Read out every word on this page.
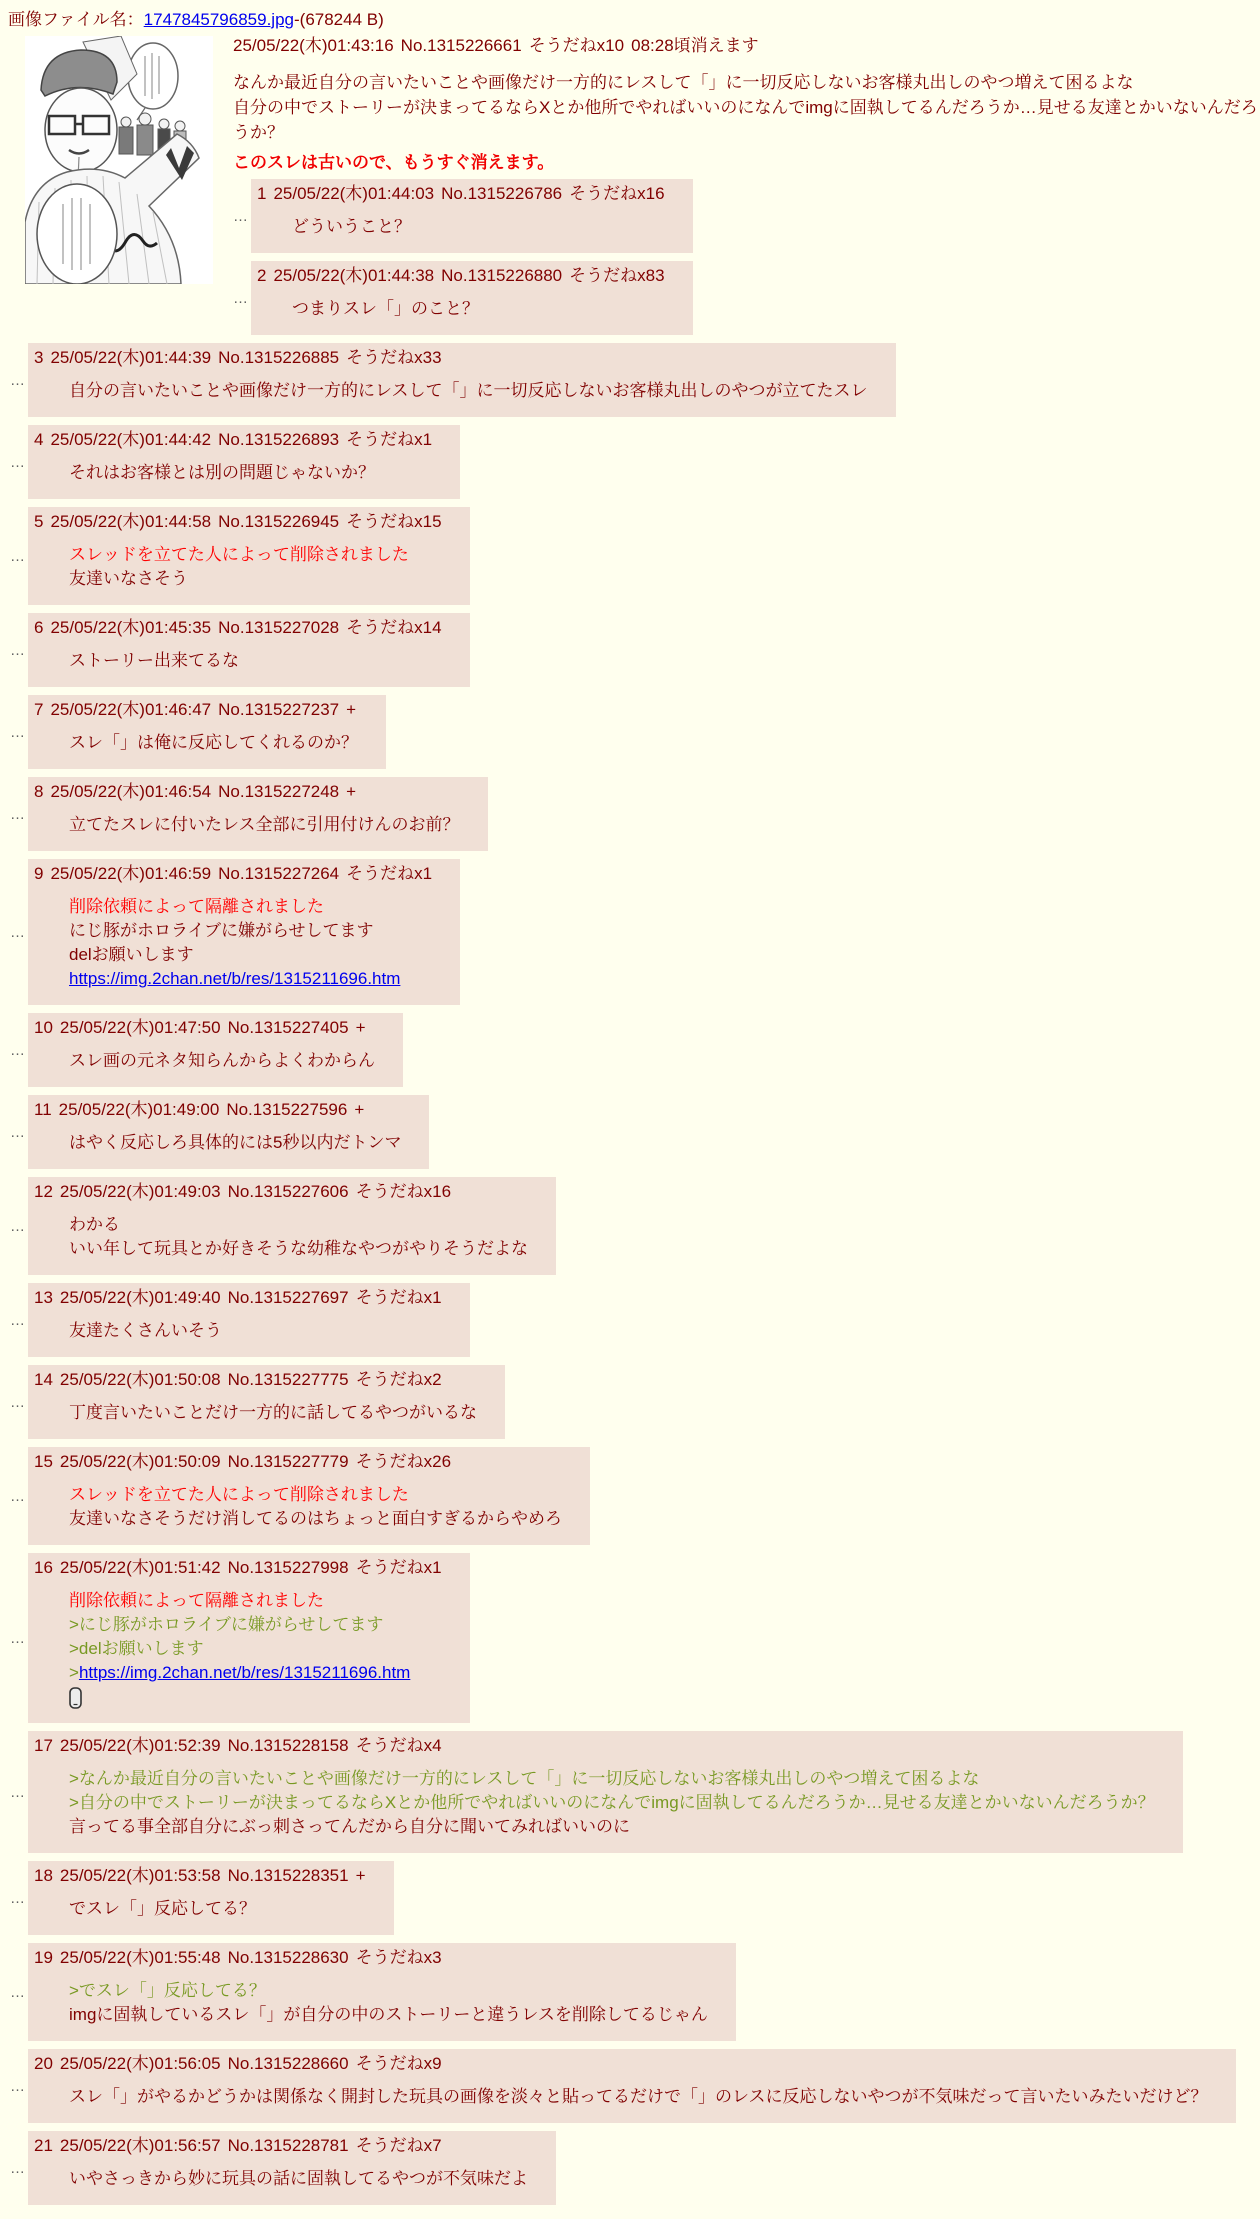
画像ファイル名：1747845796859.jpg-(678244 B)
25/05/22(木)01:43:16 No.1315226661 そうだねx10 08:28頃消えます
なんか最近自分の言いたいことや画像だけ一方的にレスして「」に一切反応しないお客様丸出しのやつ増えて困るよな
自分の中でストーリーが決まってるならXとか他所でやればいいのになんでimgに固執してるんだろうか…見せる友達とかいないんだろうか？
このスレは古いので、もうすぐ消えます。
…
1 25/05/22(木)01:44:03 No.1315226786 そうだねx16
どういうこと？
…
2 25/05/22(木)01:44:38 No.1315226880 そうだねx83
つまりスレ「」のこと？
…
3 25/05/22(木)01:44:39 No.1315226885 そうだねx33
自分の言いたいことや画像だけ一方的にレスして「」に一切反応しないお客様丸出しのやつが立てたスレ
…
4 25/05/22(木)01:44:42 No.1315226893 そうだねx1
それはお客様とは別の問題じゃないか？
…
5 25/05/22(木)01:44:58 No.1315226945 そうだねx15
スレッドを立てた人によって削除されました
友達いなさそう
…
6 25/05/22(木)01:45:35 No.1315227028 そうだねx14
ストーリー出来てるな
…
7 25/05/22(木)01:46:47 No.1315227237 +
スレ「」は俺に反応してくれるのか？
…
8 25/05/22(木)01:46:54 No.1315227248 +
立てたスレに付いたレス全部に引用付けんのお前？
…
9 25/05/22(木)01:46:59 No.1315227264 そうだねx1
削除依頼によって隔離されました
にじ豚がホロライブに嫌がらせしてます
delお願いします
https://img.2chan.net/b/res/1315211696.htm
…
10 25/05/22(木)01:47:50 No.1315227405 +
スレ画の元ネタ知らんからよくわからん
…
11 25/05/22(木)01:49:00 No.1315227596 +
はやく反応しろ具体的には5秒以内だトンマ
…
12 25/05/22(木)01:49:03 No.1315227606 そうだねx16
わかる
いい年して玩具とか好きそうな幼稚なやつがやりそうだよな
…
13 25/05/22(木)01:49:40 No.1315227697 そうだねx1
友達たくさんいそう
…
14 25/05/22(木)01:50:08 No.1315227775 そうだねx2
丁度言いたいことだけ一方的に話してるやつがいるな
…
15 25/05/22(木)01:50:09 No.1315227779 そうだねx26
スレッドを立てた人によって削除されました
友達いなさそうだけ消してるのはちょっと面白すぎるからやめろ
…
16 25/05/22(木)01:51:42 No.1315227998 そうだねx1
削除依頼によって隔離されました
>にじ豚がホロライブに嫌がらせしてます
>delお願いします
>https://img.2chan.net/b/res/1315211696.htm
…
17 25/05/22(木)01:52:39 No.1315228158 そうだねx4
>なんか最近自分の言いたいことや画像だけ一方的にレスして「」に一切反応しないお客様丸出しのやつ増えて困るよな
>自分の中でストーリーが決まってるならXとか他所でやればいいのになんでimgに固執してるんだろうか…見せる友達とかいないんだろうか？
言ってる事全部自分にぶっ刺さってんだから自分に聞いてみればいいのに
…
18 25/05/22(木)01:53:58 No.1315228351 +
でスレ「」反応してる？
…
19 25/05/22(木)01:55:48 No.1315228630 そうだねx3
>でスレ「」反応してる？
imgに固執しているスレ「」が自分の中のストーリーと違うレスを削除してるじゃん
…
20 25/05/22(木)01:56:05 No.1315228660 そうだねx9
スレ「」がやるかどうかは関係なく開封した玩具の画像を淡々と貼ってるだけで「」のレスに反応しないやつが不気味だって言いたいみたいだけど？
…
21 25/05/22(木)01:56:57 No.1315228781 そうだねx7
いやさっきから妙に玩具の話に固執してるやつが不気味だよ
